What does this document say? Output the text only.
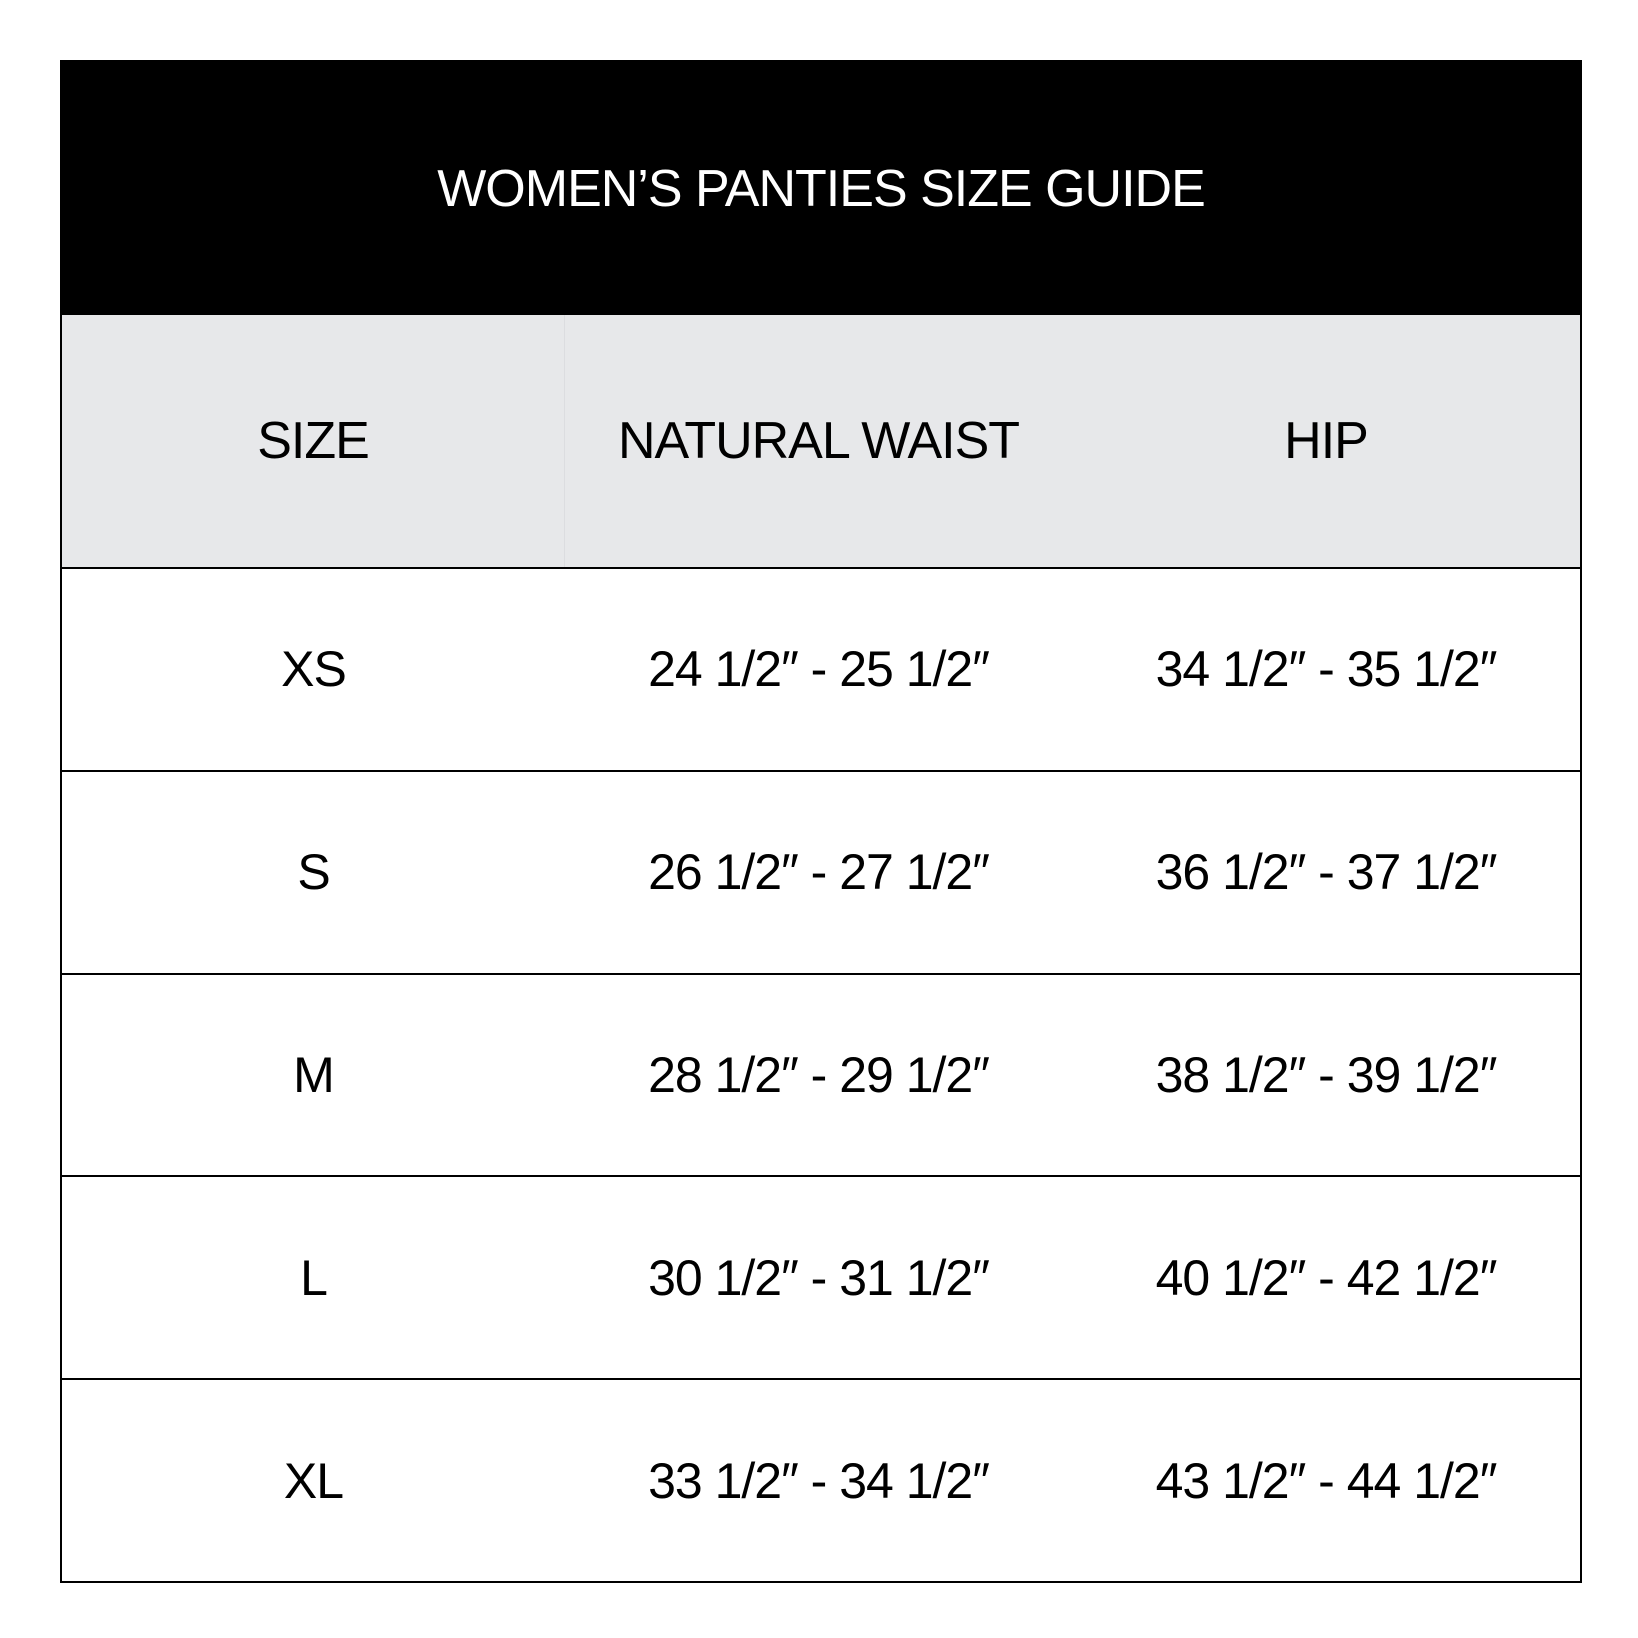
WOMEN’S PANTIES SIZE GUIDE
SIZE	NATURAL WAIST	HIP
XS	24 1/2″ - 25 1/2″	34 1/2″ - 35 1/2″
S	26 1/2″ - 27 1/2″	36 1/2″ - 37 1/2″
M	28 1/2″ - 29 1/2″	38 1/2″ - 39 1/2″
L	30 1/2″ - 31 1/2″	40 1/2″ - 42 1/2″
XL	33 1/2″ - 34 1/2″	43 1/2″ - 44 1/2″
